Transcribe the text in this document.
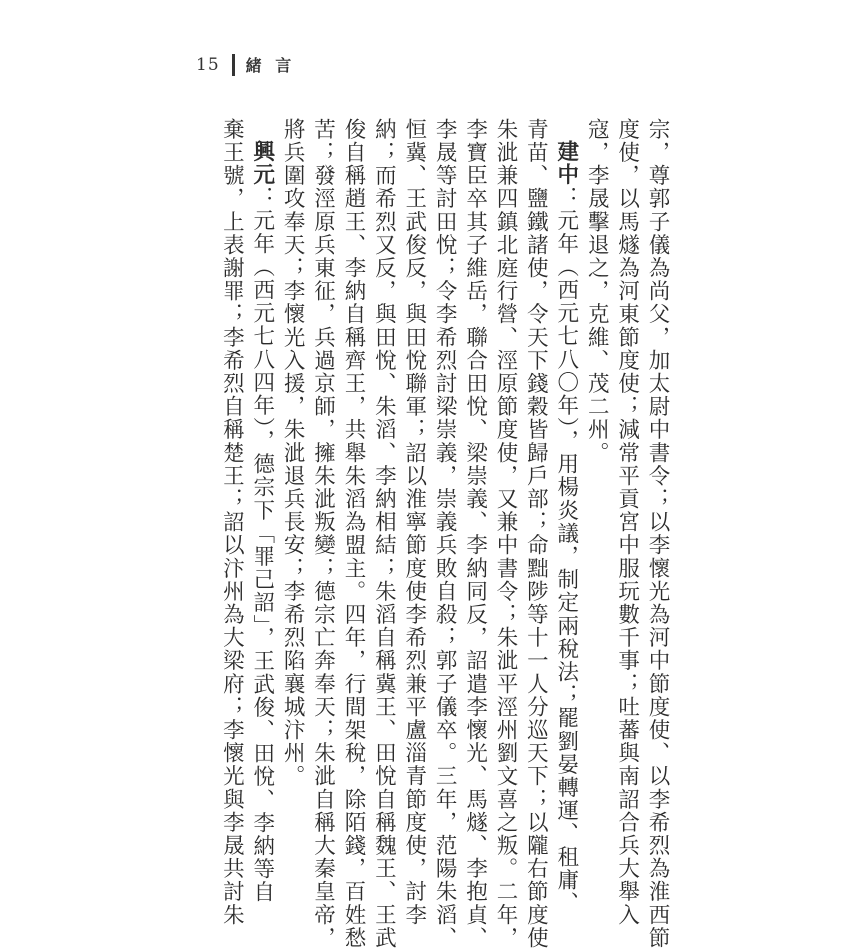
15 緒 言
宗，尊郭子儀為尚父，加太尉中書令；以李懷光為河中節度使、以李希烈為淮西節
度使，以馬燧為河東節度使；減常平貢宮中服玩數千事；吐蕃與南詔合兵大舉入
寇，李晟擊退之，克維、茂二州。
建中：元年（西元七八〇年），用楊炎議，制定兩稅法；罷劉晏轉運、租庸、
青苗、鹽鐵諸使，令天下錢穀皆歸戶部；命黜陟等十一人分巡天下；以隴右節度使
朱泚兼四鎮北庭行營、涇原節度使，又兼中書令；朱泚平涇州劉文喜之叛。二年，
李寶臣卒其子維岳，聯合田悅、梁崇義、李納同反，詔遣李懷光、馬燧、李抱貞、
李晟等討田悅；令李希烈討梁崇義，崇義兵敗自殺；郭子儀卒。三年，范陽朱滔、
恒冀、王武俊反，與田悅聯軍；詔以淮寧節度使李希烈兼平盧淄青節度使，討李
納；而希烈又反，與田悅、朱滔、李納相結；朱滔自稱冀王、田悅自稱魏王、王武
俊自稱趙王、李納自稱齊王，共舉朱滔為盟主。四年，行間架稅，除陌錢，百姓愁
苦；發涇原兵東征，兵過京師，擁朱泚叛變；德宗亡奔奉天；朱泚自稱大秦皇帝，
將兵圍攻奉天；李懷光入援，朱泚退兵長安；李希烈陷襄城汴州。
興元：元年（西元七八四年），德宗下「罪己詔」，王武俊、田悅、李納等自
棄王號，上表謝罪；李希烈自稱楚王；詔以汴州為大梁府；李懷光與李晟共討朱
